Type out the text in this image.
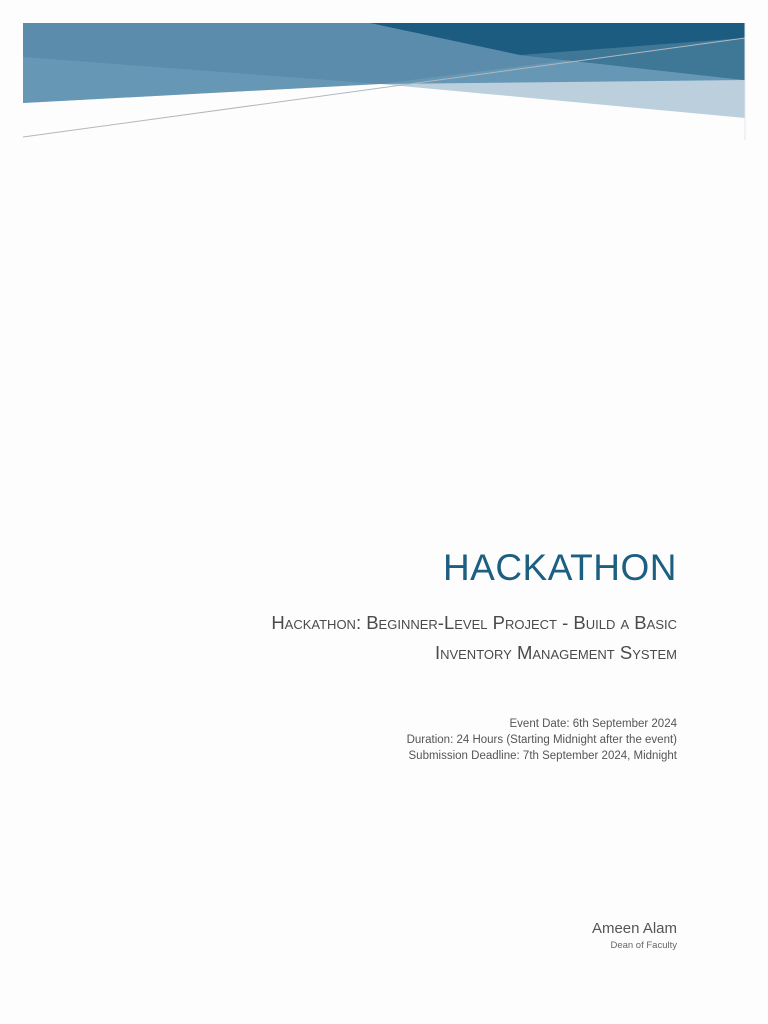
HACKATHON
Hackathon: Beginner-Level Project - Build a Basic
Inventory Management System
Event Date: 6th September 2024
Duration: 24 Hours (Starting Midnight after the event)
Submission Deadline: 7th September 2024, Midnight
Ameen Alam
Dean of Faculty
